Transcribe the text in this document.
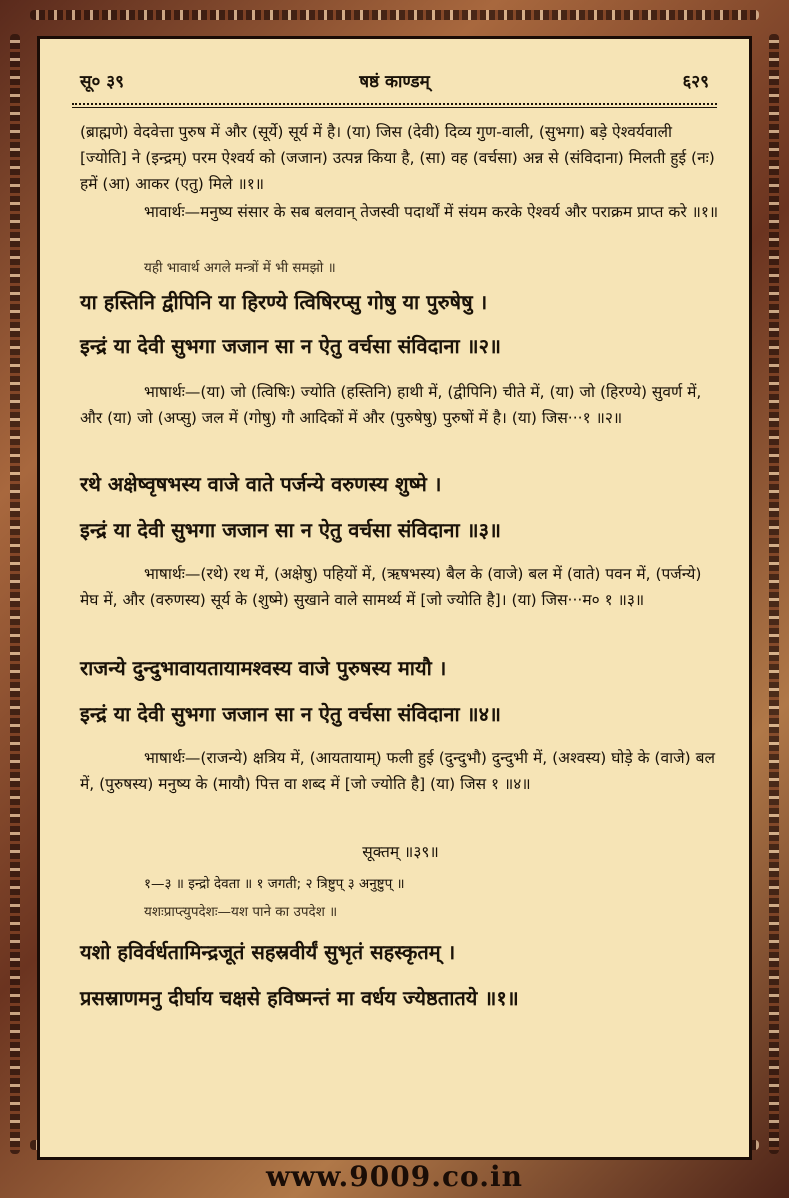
सू० ३९	षष्ठं काण्डम्	६२९
(ब्राह्मणे) वेदवेत्ता पुरुष में और (सूर्ये) सूर्य में है। (या) जिस (देवी) दिव्य गुण-वाली, (सुभगा) बड़े ऐश्वर्यवाली [ज्योति] ने (इन्द्रम्) परम ऐश्वर्य को (जजान) उत्पन्न किया है, (सा) वह (वर्चसा) अन्न से (संविदाना) मिलती हुई (नः) हमें (आ) आकर (एतु) मिले ॥१॥
भावार्थः—मनुष्य संसार के सब बलवान् तेजस्वी पदार्थों में संयम करके ऐश्वर्य और पराक्रम प्राप्त करे ॥१॥
यही भावार्थ अगले मन्त्रों में भी समझो ॥
या हस्तिनि द्वीपिनि या हिरण्ये त्विषिरप्सु गोषु या पुरुषेषु ।
इन्द्रं या देवी सुभगा जजान सा न ऐतु वर्चसा संविदाना ॥२॥
भाषार्थः—(या) जो (त्विषिः) ज्योति (हस्तिनि) हाथी में, (द्वीपिनि) चीते में, (या) जो (हिरण्ये) सुवर्ण में, और (या) जो (अप्सु) जल में (गोषु) गौ आदिकों में और (पुरुषेषु) पुरुषों में है। (या) जिस···१ ॥२॥
रथे अक्षेष्वृषभस्य वाजे वाते पर्जन्ये वरुणस्य शुष्मे ।
इन्द्रं या देवी सुभगा जजान सा न ऐतु वर्चसा संविदाना ॥३॥
भाषार्थः—(रथे) रथ में, (अक्षेषु) पहियों में, (ऋषभस्य) बैल के (वाजे) बल में (वाते) पवन में, (पर्जन्ये) मेघ में, और (वरुणस्य) सूर्य के (शुष्मे) सुखाने वाले सामर्थ्य में [जो ज्योति है]। (या) जिस···म० १ ॥३॥
राजन्ये दुन्दुभावायतायामश्वस्य वाजे पुरुषस्य मायौ ।
इन्द्रं या देवी सुभगा जजान सा न ऐतु वर्चसा संविदाना ॥४॥
भाषार्थः—(राजन्ये) क्षत्रिय में, (आयतायाम्) फली हुई (दुन्दुभौ) दुन्दुभी में, (अश्वस्य) घोड़े के (वाजे) बल में, (पुरुषस्य) मनुष्य के (मायौ) पित्त वा शब्द में [जो ज्योति है] (या) जिस १ ॥४॥
सूक्तम् ॥३९॥
१—३ ॥ इन्द्रो देवता ॥ १ जगती; २ त्रिष्टुप् ३ अनुष्टुप् ॥
यशःप्राप्त्युपदेशः—यश पाने का उपदेश ॥
यशो हविर्वर्धतामिन्द्रजूतं सहस्रवीर्यं सुभृतं सहस्कृतम् ।
प्रसस्राणमनु दीर्घाय चक्षसे हविष्मन्तं मा वर्धय ज्येष्ठतातये ॥१॥
www.9009.co.in
